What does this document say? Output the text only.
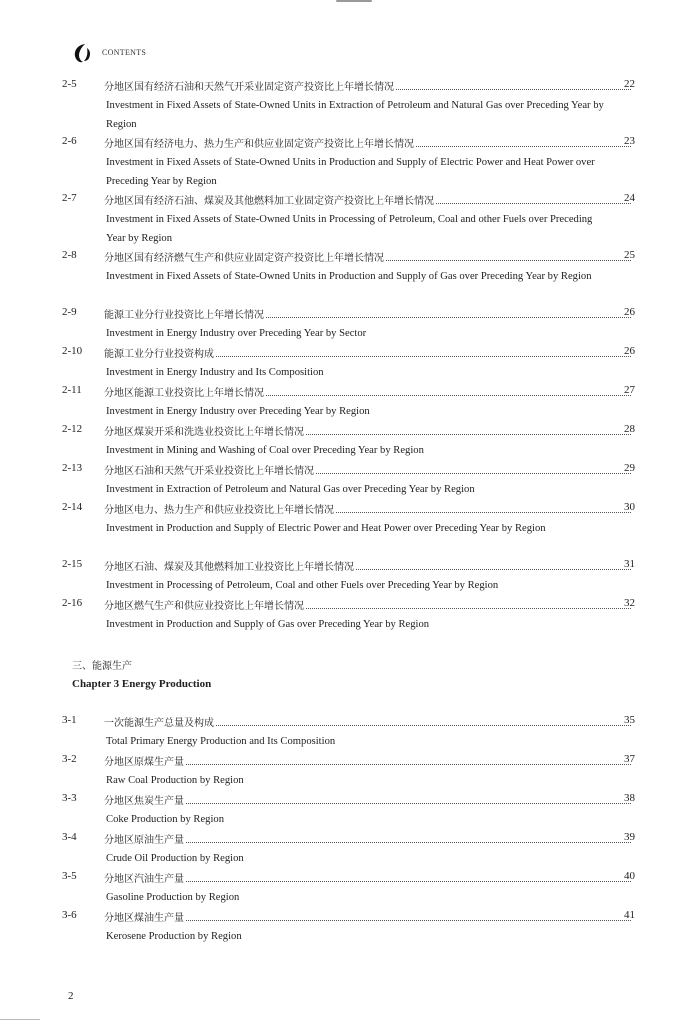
CONTENTS
2-5	分地区国有经济石油和天然气开采业固定资产投资比上年增长情况	22
Investment in Fixed Assets of State-Owned Units in Extraction of Petroleum and Natural Gas over Preceding Year by Region
2-6	分地区国有经济电力、热力生产和供应业固定资产投资比上年增长情况	23
Investment in Fixed Assets of State-Owned Units in Production and Supply of Electric Power and Heat Power over Preceding Year by Region
2-7	分地区国有经济石油、煤炭及其他燃料加工业固定资产投资比上年增长情况	24
Investment in Fixed Assets of State-Owned Units in Processing of Petroleum, Coal and other Fuels over Preceding Year by Region
2-8	分地区国有经济燃气生产和供应业固定资产投资比上年增长情况	25
Investment in Fixed Assets of State-Owned Units in Production and Supply of Gas over Preceding Year by Region
2-9	能源工业分行业投资比上年增长情况	26
Investment in Energy Industry over Preceding Year by Sector
2-10	能源工业分行业投资构成	26
Investment in Energy Industry and Its Composition
2-11	分地区能源工业投资比上年增长情况	27
Investment in Energy Industry over Preceding Year by Region
2-12	分地区煤炭开采和洗选业投资比上年增长情况	28
Investment in Mining and Washing of Coal over Preceding Year by Region
2-13	分地区石油和天然气开采业投资比上年增长情况	29
Investment in Extraction of Petroleum and Natural Gas over Preceding Year by Region
2-14	分地区电力、热力生产和供应业投资比上年增长情况	30
Investment in Production and Supply of Electric Power and Heat Power over Preceding Year by Region
2-15	分地区石油、煤炭及其他燃料加工业投资比上年增长情况	31
Investment in Processing of Petroleum, Coal and other Fuels over Preceding Year by Region
2-16	分地区燃气生产和供应业投资比上年增长情况	32
Investment in Production and Supply of Gas over Preceding Year by Region
三、能源生产
Chapter 3 Energy Production
3-1	一次能源生产总量及构成	35
Total Primary Energy Production and Its Composition
3-2	分地区原煤生产量	37
Raw Coal Production by Region
3-3	分地区焦炭生产量	38
Coke Production by Region
3-4	分地区原油生产量	39
Crude Oil Production by Region
3-5	分地区汽油生产量	40
Gasoline Production by Region
3-6	分地区煤油生产量	41
Kerosene Production by Region
2
